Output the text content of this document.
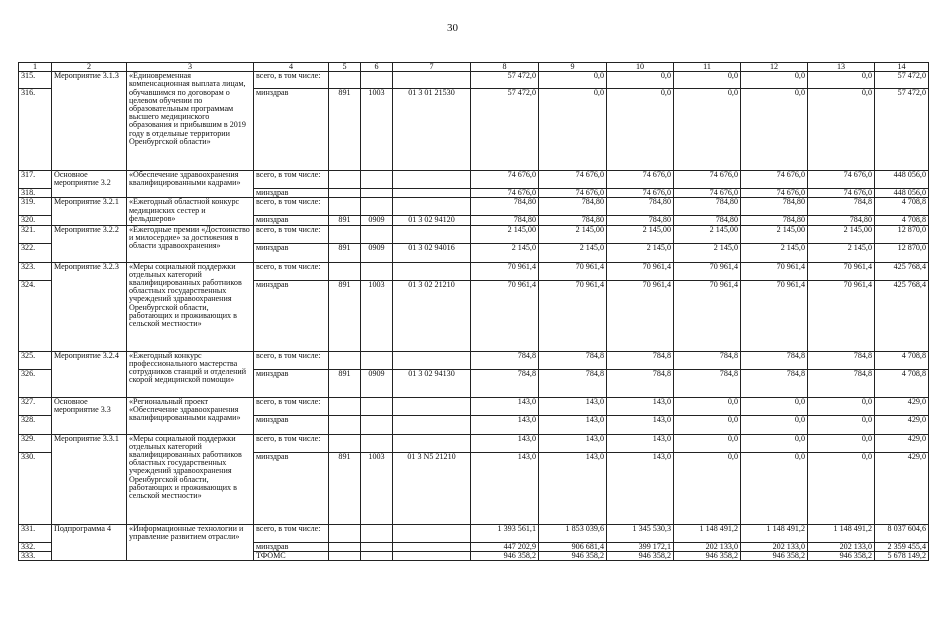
30
1	2	3	4	5	6	7	8	9	10	11	12	13	14
315.	Мероприятие 3.1.3	«Единовременная компенсационная выплата лицам, обучавшимся по договорам о целевом обучении по образовательным программам высшего медицинского образования и прибывшим в 2019 году в отдельные территории Оренбургской области»	всего, в том числе:				57 472,0	0,0	0,0	0,0	0,0	0,0	57 472,0
316.			минздрав	891	1003	01 3 01 21530	57 472,0	0,0	0,0	0,0	0,0	0,0	57 472,0
317.	Основное мероприятие 3.2	«Обеспечение здравоохранения квалифицированными кадрами»	всего, в том числе:				74 676,0	74 676,0	74 676,0	74 676,0	74 676,0	74 676,0	448 056,0
318.			минздрав				74 676,0	74 676,0	74 676,0	74 676,0	74 676,0	74 676,0	448 056,0
319.	Мероприятие 3.2.1	«Ежегодный областной конкурс медицинских сестер и фельдшеров»	всего, в том числе:				784,80	784,80	784,80	784,80	784,80	784,8	4 708,8
320.			минздрав	891	0909	01 3 02 94120	784,80	784,80	784,80	784,80	784,80	784,80	4 708,8
321.	Мероприятие 3.2.2	«Ежегодные премии «Достоинство и милосердие» за достижения в области здравоохранения»	всего, в том числе:				2 145,00	2 145,00	2 145,00	2 145,00	2 145,00	2 145,00	12 870,0
322.			минздрав	891	0909	01 3 02 94016	2 145,0	2 145,0	2 145,0	2 145,0	2 145,0	2 145,0	12 870,0
323.	Мероприятие 3.2.3	«Меры социальной поддержки отдельных категорий квалифицированных работников областных государственных учреждений здравоохранения Оренбургской области, работающих и проживающих в сельской местности»	всего, в том числе:				70 961,4	70 961,4	70 961,4	70 961,4	70 961,4	70 961,4	425 768,4
324.			минздрав	891	1003	01 3 02 21210	70 961,4	70 961,4	70 961,4	70 961,4	70 961,4	70 961,4	425 768,4
325.	Мероприятие 3.2.4	«Ежегодный конкурс профессионального мастерства сотрудников станций и отделений скорой медицинской помощи»	всего, в том числе:				784,8	784,8	784,8	784,8	784,8	784,8	4 708,8
326.			минздрав	891	0909	01 3 02 94130	784,8	784,8	784,8	784,8	784,8	784,8	4 708,8
327.	Основное мероприятие 3.3	«Региональный проект «Обеспечение здравоохранения квалифицированными кадрами»	всего, в том числе:				143,0	143,0	143,0	0,0	0,0	0,0	429,0
328.			минздрав				143,0	143,0	143,0	0,0	0,0	0,0	429,0
329.	Мероприятие 3.3.1	«Меры социальной поддержки отдельных категорий квалифицированных работников областных государственных учреждений здравоохранения Оренбургской области, работающих и проживающих в сельской местности»	всего, в том числе:				143,0	143,0	143,0	0,0	0,0	0,0	429,0
330.			минздрав	891	1003	01 3 N5 21210	143,0	143,0	143,0	0,0	0,0	0,0	429,0
331.	Подпрограмма 4	«Информационные технологии и управление развитием отрасли»	всего, в том числе:				1 393 561,1	1 853 039,6	1 345 530,3	1 148 491,2	1 148 491,2	1 148 491,2	8 037 604,6
332.			минздрав				447 202,9	906 681,4	399 172,1	202 133,0	202 133,0	202 133,0	2 359 455,4
333.			ТФОМС				946 358,2	946 358,2	946 358,2	946 358,2	946 358,2	946 358,2	5 678 149,2
